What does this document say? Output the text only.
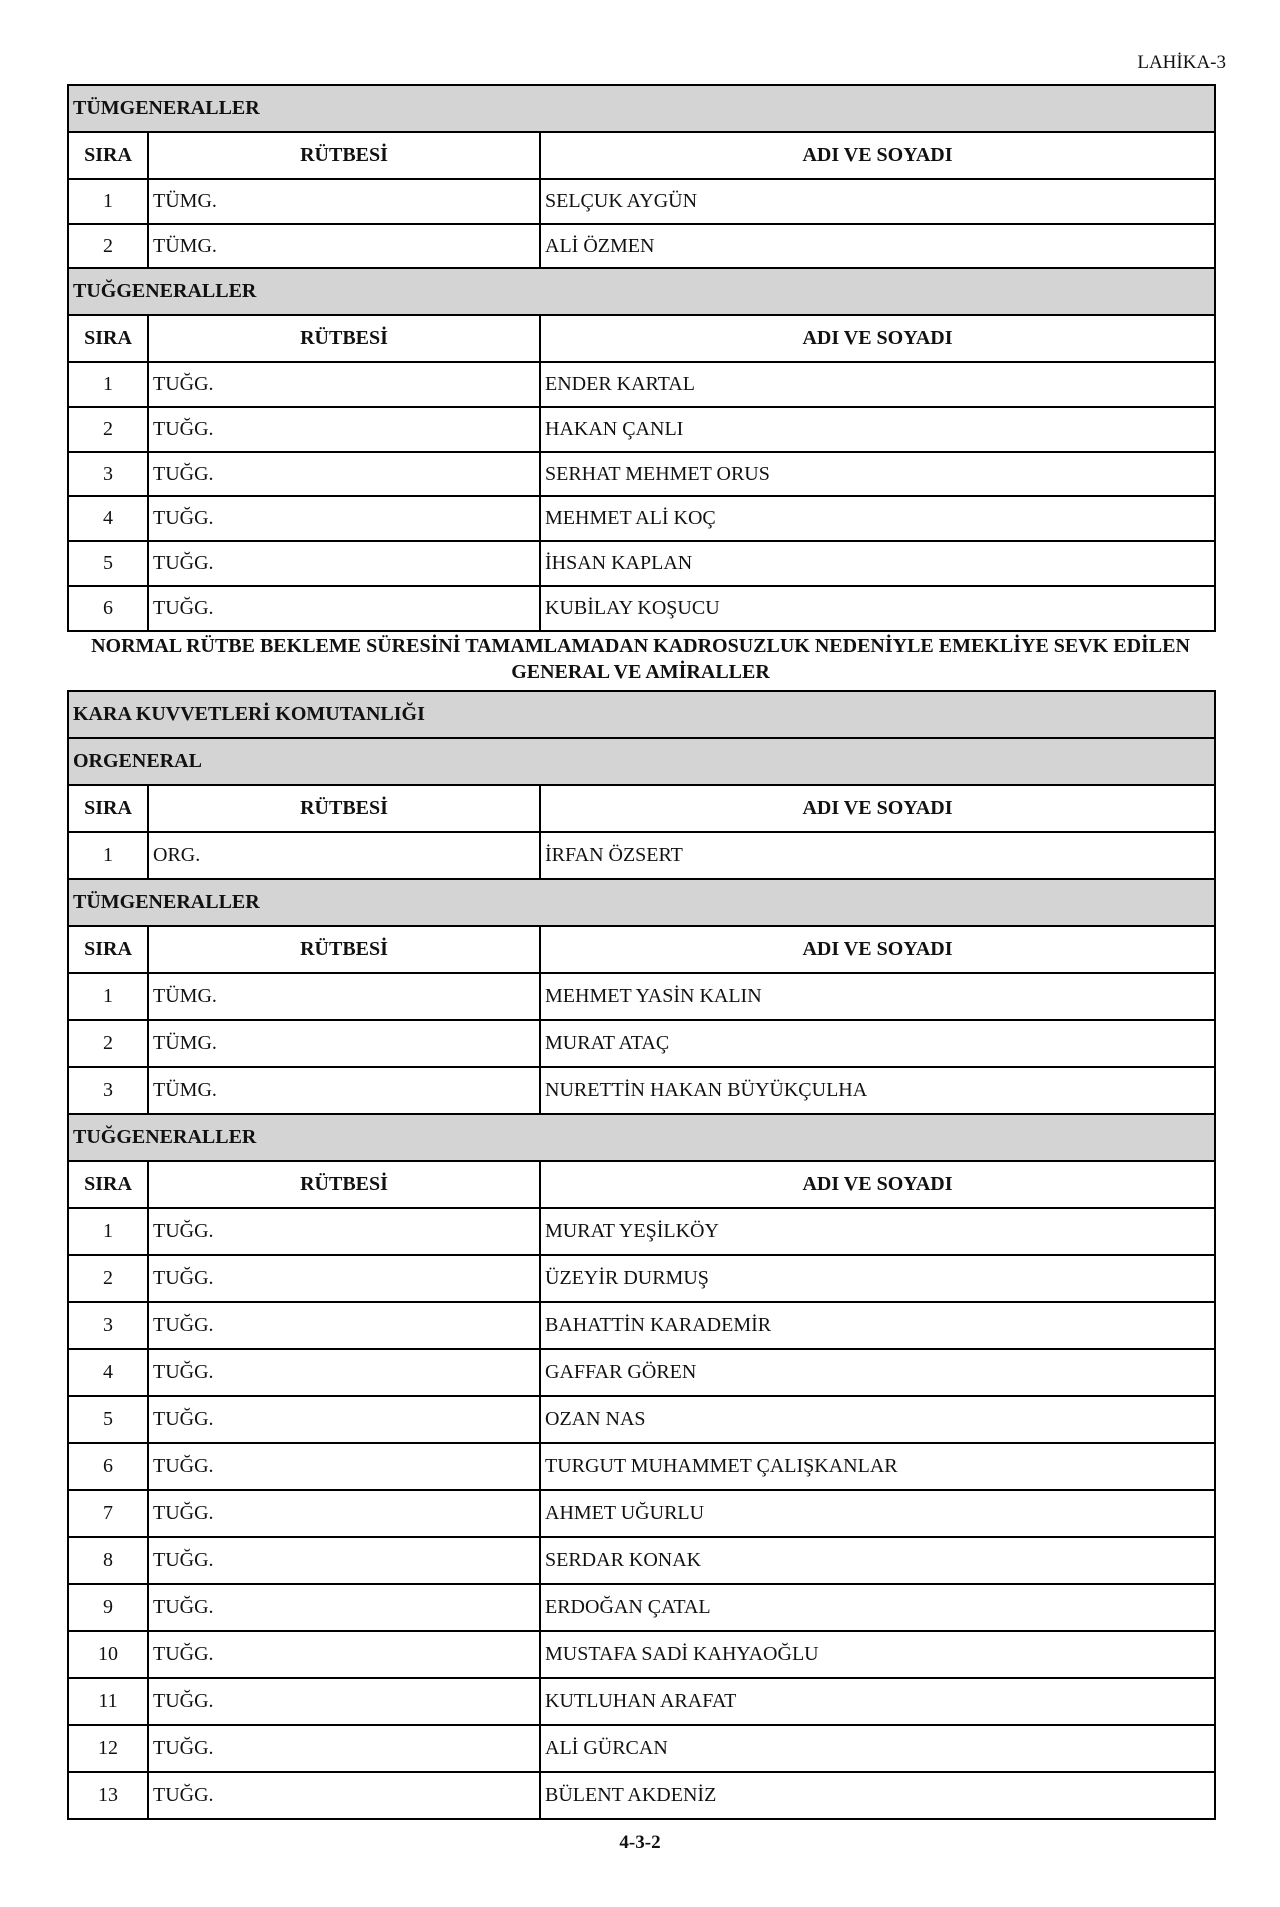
LAHİKA-3
TÜMGENERALLER		
SIRA	RÜTBESİ	ADI VE SOYADI
1	TÜMG.	SELÇUK AYGÜN
2	TÜMG.	ALİ ÖZMEN
TUĞGENERALLER		
SIRA	RÜTBESİ	ADI VE SOYADI
1	TUĞG.	ENDER KARTAL
2	TUĞG.	HAKAN ÇANLI
3	TUĞG.	SERHAT MEHMET ORUS
4	TUĞG.	MEHMET ALİ KOÇ
5	TUĞG.	İHSAN KAPLAN
6	TUĞG.	KUBİLAY KOŞUCU
NORMAL RÜTBE BEKLEME SÜRESİNİ TAMAMLAMADAN KADROSUZLUK NEDENİYLE EMEKLİYE SEVK EDİLEN GENERAL VE AMİRALLER
KARA KUVVETLERİ KOMUTANLIĞI		
ORGENERAL		
SIRA	RÜTBESİ	ADI VE SOYADI
1	ORG.	İRFAN ÖZSERT
TÜMGENERALLER		
SIRA	RÜTBESİ	ADI VE SOYADI
1	TÜMG.	MEHMET YASİN KALIN
2	TÜMG.	MURAT ATAÇ
3	TÜMG.	NURETTİN HAKAN BÜYÜKÇULHA
TUĞGENERALLER		
SIRA	RÜTBESİ	ADI VE SOYADI
1	TUĞG.	MURAT YEŞİLKÖY
2	TUĞG.	ÜZEYİR DURMUŞ
3	TUĞG.	BAHATTİN KARADEMİR
4	TUĞG.	GAFFAR GÖREN
5	TUĞG.	OZAN NAS
6	TUĞG.	TURGUT MUHAMMET ÇALIŞKANLAR
7	TUĞG.	AHMET UĞURLU
8	TUĞG.	SERDAR KONAK
9	TUĞG.	ERDOĞAN ÇATAL
10	TUĞG.	MUSTAFA SADİ KAHYAOĞLU
11	TUĞG.	KUTLUHAN ARAFAT
12	TUĞG.	ALİ GÜRCAN
13	TUĞG.	BÜLENT AKDENİZ
4-3-2
